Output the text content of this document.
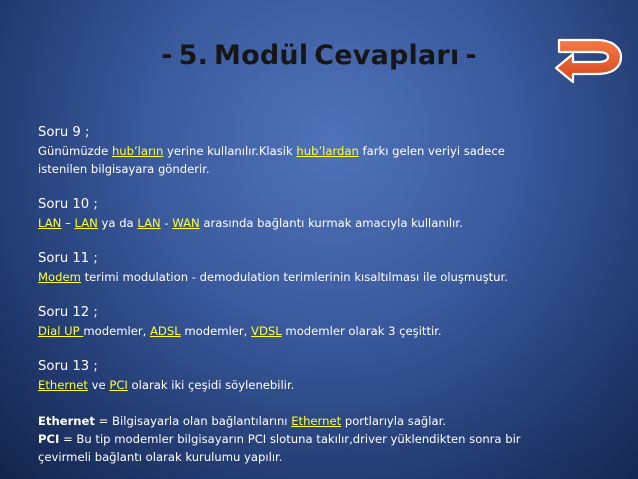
- 5. Modül Cevapları -
Soru 9 ;
Günümüzde hub’ların yerine kullanılır.Klasik hub’lardan farkı gelen veriyi sadece
istenilen bilgisayara gönderir.
Soru 10 ;
LAN – LAN ya da LAN - WAN arasında bağlantı kurmak amacıyla kullanılır.
Soru 11 ;
Modem terimi modulation - demodulation terimlerinin kısaltılması ile oluşmuştur.
Soru 12 ;
Dial UP modemler, ADSL modemler, VDSL modemler olarak 3 çeşittir.
Soru 13 ;
Ethernet ve PCI olarak iki çeşidi söylenebilir.
Ethernet = Bilgisayarla olan bağlantılarını Ethernet portlarıyla sağlar.
PCI = Bu tip modemler bilgisayarın PCI slotuna takılır,driver yüklendikten sonra bir
çevirmeli bağlantı olarak kurulumu yapılır.
